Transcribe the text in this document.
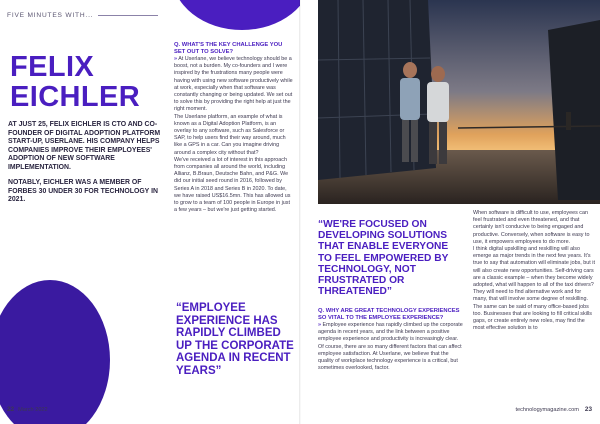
FIVE MINUTES WITH...
FELIX
EICHLER

AT JUST 25, FELIX EICHLER IS CTO AND CO-FOUNDER OF DIGITAL ADOPTION PLATFORM START-UP, USERLANE. HIS COMPANY HELPS COMPANIES IMPROVE THEIR EMPLOYEES' ADOPTION OF NEW SOFTWARE IMPLEMENTATION.

NOTABLY, EICHLER WAS A MEMBER OF FORBES 30 UNDER 30 FOR TECHNOLOGY IN 2021.

Q. WHAT'S THE KEY CHALLENGE YOU SET OUT TO SOLVE?

» At Userlane, we believe technology should be a boost, not a burden. My co-founders and I were inspired by the frustrations many people were having with using new software productively while at work, especially when that software was constantly changing or being updated. We set out to solve this by providing the right help at just the right moment.

The Userlane platform, an example of what is known as a Digital Adoption Platform, is an overlay to any software, such as Salesforce or SAP, to help users find their way around, much like a GPS in a car. Can you imagine driving around a complex city without that?

We've received a lot of interest in this approach from companies all around the world, including Allianz, B.Braun, Deutsche Bahn, and P&G. We did our initial seed round in 2016, followed by Series A in 2018 and Series B in 2020. To date, we have raised US$16.5mn. This has allowed us to grow to a team of 100 people in Europe in just a few years – but we're just getting started.

“EMPLOYEE EXPERIENCE HAS RAPIDLY CLIMBED UP THE CORPORATE AGENDA IN RECENT YEARS”
22 March 2022
“WE'RE FOCUSED ON DEVELOPING SOLUTIONS THAT ENABLE EVERYONE TO FEEL EMPOWERED BY TECHNOLOGY, NOT FRUSTRATED OR THREATENED”

Q. WHY ARE GREAT TECHNOLOGY EXPERIENCES SO VITAL TO THE EMPLOYEE EXPERIENCE?

» Employee experience has rapidly climbed up the corporate agenda in recent years, and the link between a positive employee experience and productivity is increasingly clear. Of course, there are so many different factors that can affect employee satisfaction. At Userlane, we believe that the quality of workplace technology experience is a critical, but sometimes overlooked, factor.

When software is difficult to use, employees can feel frustrated and even threatened, and that certainly isn't conducive to being engaged and productive. Conversely, when software is easy to use, it empowers employees to do more.

I think digital upskilling and reskilling will also emerge as major trends in the next few years. It's true to say that automation will eliminate jobs, but it will also create new opportunities. Self-driving cars are a classic example – when they become widely adopted, what will happen to all of the taxi drivers? They will need to find alternative work and for many, that will involve some degree of reskilling. The same can be said of many office-based jobs too. Businesses that are looking to fill critical skills gaps, or create entirely new roles, may find the most effective solution is to

technologymagazine.com 23
